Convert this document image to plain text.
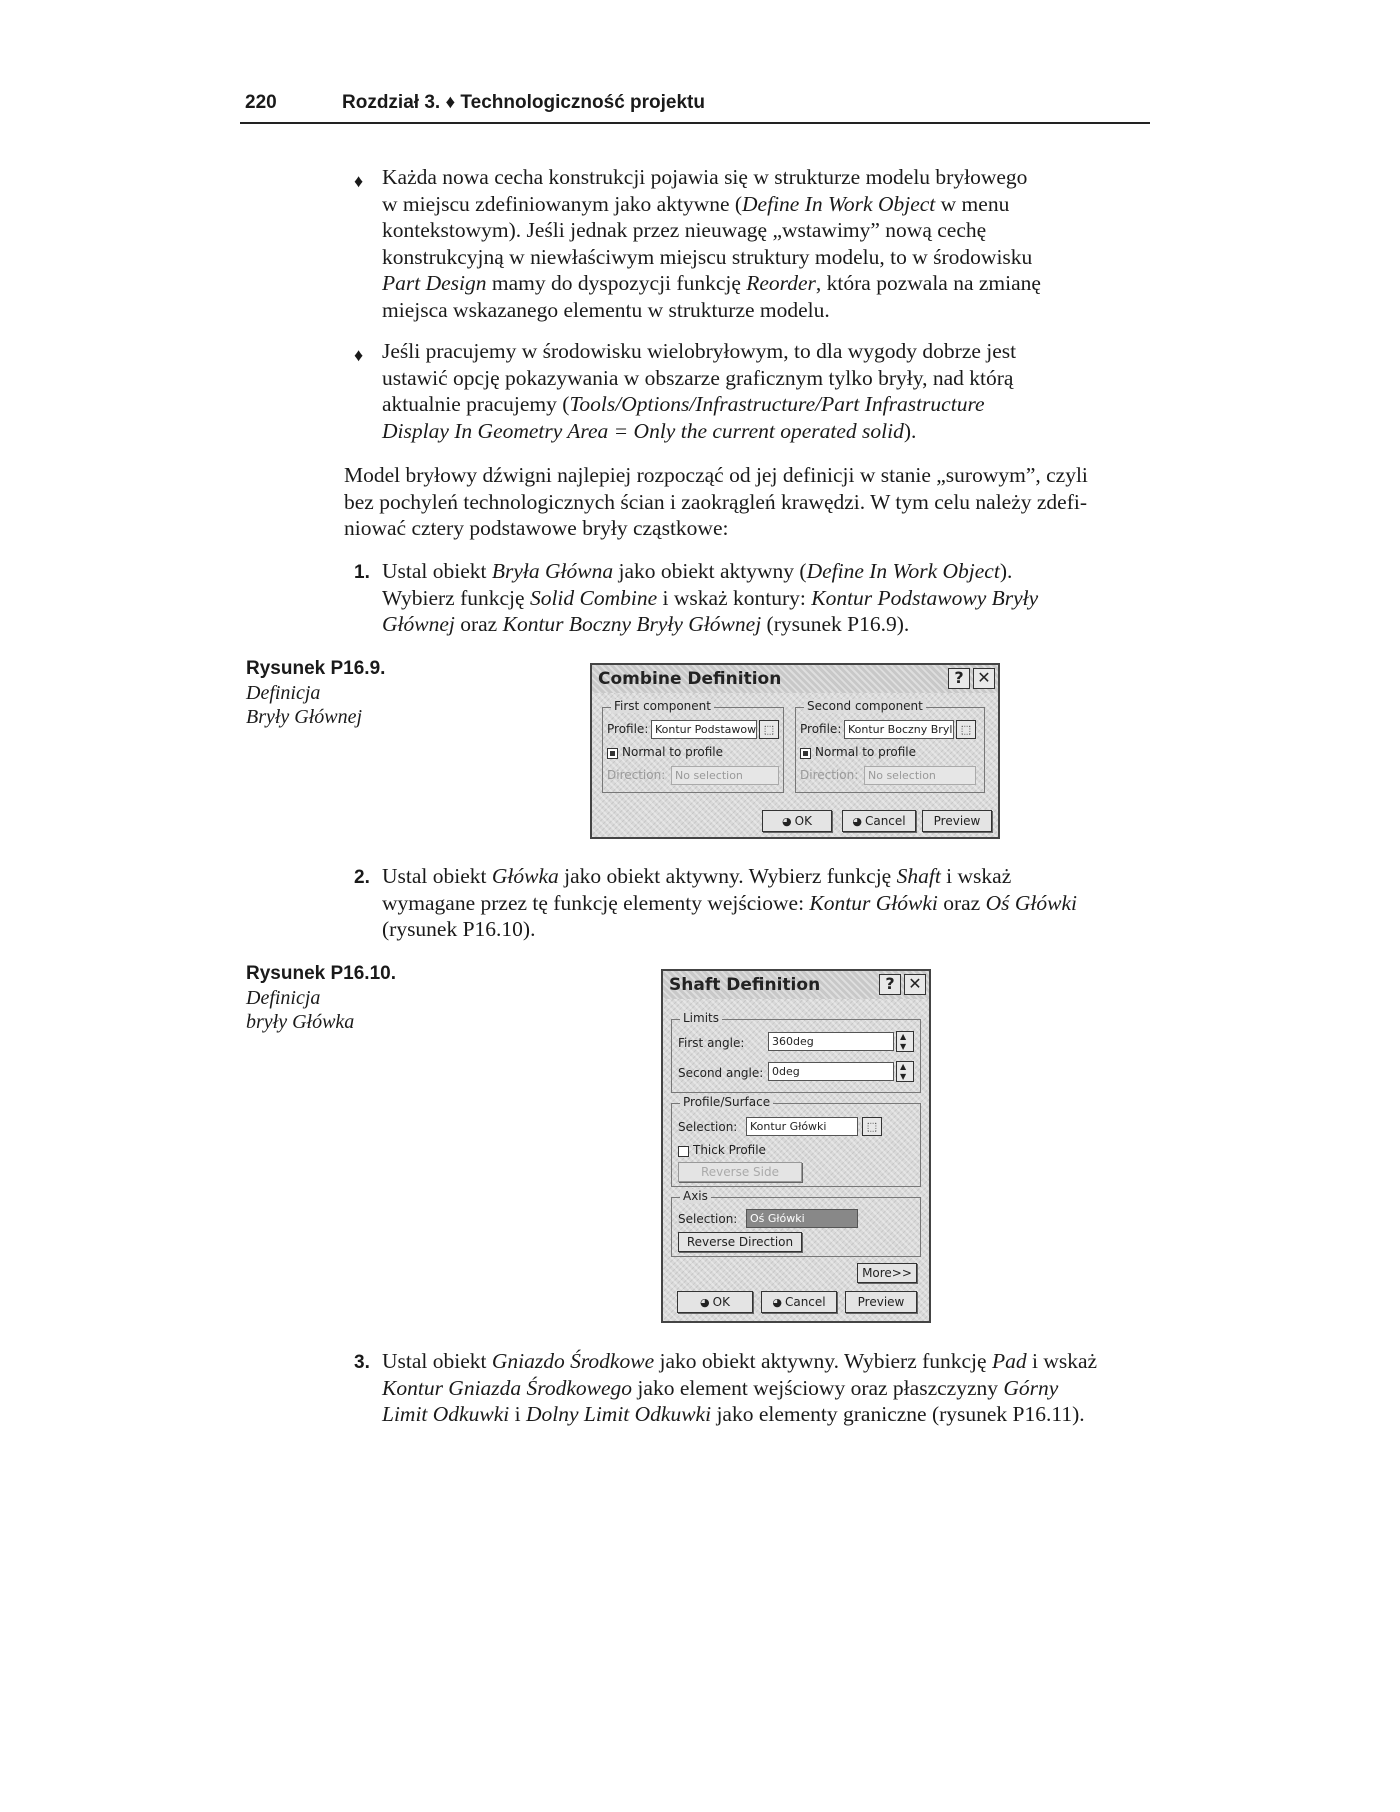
220	Rozdział 3. ♦ Technologiczność projektu
♦ Każda nowa cecha konstrukcji pojawia się w strukturze modelu bryłowego
w miejscu zdefiniowanym jako aktywne (Define In Work Object w menu
kontekstowym). Jeśli jednak przez nieuwagę „wstawimy” nową cechę
konstrukcyjną w niewłaściwym miejscu struktury modelu, to w środowisku
Part Design mamy do dyspozycji funkcję Reorder, która pozwala na zmianę
miejsca wskazanego elementu w strukturze modelu.
♦ Jeśli pracujemy w środowisku wielobryłowym, to dla wygody dobrze jest
ustawić opcję pokazywania w obszarze graficznym tylko bryły, nad którą
aktualnie pracujemy (Tools/Options/Infrastructure/Part Infrastructure
Display In Geometry Area = Only the current operated solid).
Model bryłowy dźwigni najlepiej rozpocząć od jej definicji w stanie „surowym”, czyli
bez pochyleń technologicznych ścian i zaokrągleń krawędzi. W tym celu należy zdefi-
niować cztery podstawowe bryły cząstkowe:
1. Ustal obiekt Bryła Główna jako obiekt aktywny (Define In Work Object).
Wybierz funkcję Solid Combine i wskaż kontury: Kontur Podstawowy Bryły
Głównej oraz Kontur Boczny Bryły Głównej (rysunek P16.9).
Rysunek P16.9.
Definicja
Bryły Głównej
Combine Definition	? ✕
First component
Profile: Kontur Podstawow ⬚
Normal to profile
Direction: No selection
Second component
Profile: Kontur Boczny Bryl ⬚
Normal to profile
Direction: No selection
◕ OK	◕ Cancel	Preview
2. Ustal obiekt Główka jako obiekt aktywny. Wybierz funkcję Shaft i wskaż
wymagane przez tę funkcję elementy wejściowe: Kontur Główki oraz Oś Główki
(rysunek P16.10).
Rysunek P16.10.
Definicja
bryły Główka
Shaft Definition	? ✕
Limits
First angle:	360deg
▲ ▼
Second angle: 0deg
▲ ▼
Profile/Surface
Selection:	Kontur Główki	⬚
Thick Profile
Reverse Side
Axis
Selection:	Oś Główki
Reverse Direction
More>>
◕ OK	◕ Cancel	Preview
3. Ustal obiekt Gniazdo Środkowe jako obiekt aktywny. Wybierz funkcję Pad i wskaż
Kontur Gniazda Środkowego jako element wejściowy oraz płaszczyzny Górny
Limit Odkuwki i Dolny Limit Odkuwki jako elementy graniczne (rysunek P16.11).
